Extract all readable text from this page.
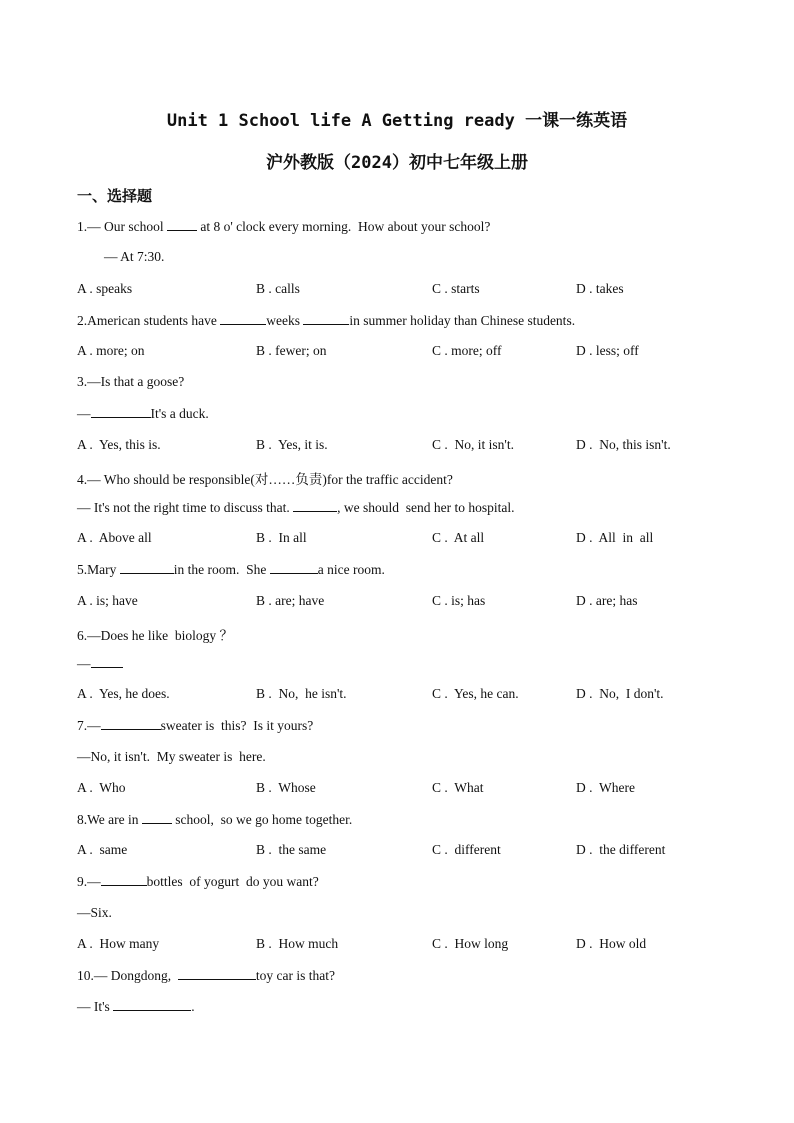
Unit 1 School life A Getting ready 一课一练英语
沪外教版（2024）初中七年级上册
一、选择题
1.— Our school  at 8 o' clock every morning.  How about your school?
— At 7:30.
A . speaks	B . calls	C . starts	D . takes
2.American students have	weeks	in summer holiday than Chinese students.
A . more; on	B . fewer; on	C . more; off	D . less; off
3.—Is that a goose?
—	It's a duck.
A .  Yes, this is.	B .  Yes, it is.	C .  No, it isn't.	D .  No, this isn't.
4.— Who should be responsible(对……负责)for the traffic accident?
— It's not the right time to discuss that.	, we should  send her to hospital.
A .  Above all	B .  In all	C .  At all	D .  All  in  all
5.Mary	in the room.  She	a nice room.
A . is; have	B . are; have	C . is; has	D . are; has
6.—Does he like  biology ？
—
A .  Yes, he does.	B .  No,  he isn't.	C .  Yes, he can.	D .  No,  I don't.
7.—	sweater is  this?  Is it yours?
—No, it isn't.  My sweater is  here.
A .  Who	B .  Whose	C .  What	D .  Where
8.We are in  school,  so we go home together.
A .  same	B .  the same	C .  different	D .  the different
9.—	bottles  of yogurt  do you want?
—Six.
A .  How many	B .  How much	C .  How long	D .  How old
10.— Dongdong,	toy car is that?
— It's	.
